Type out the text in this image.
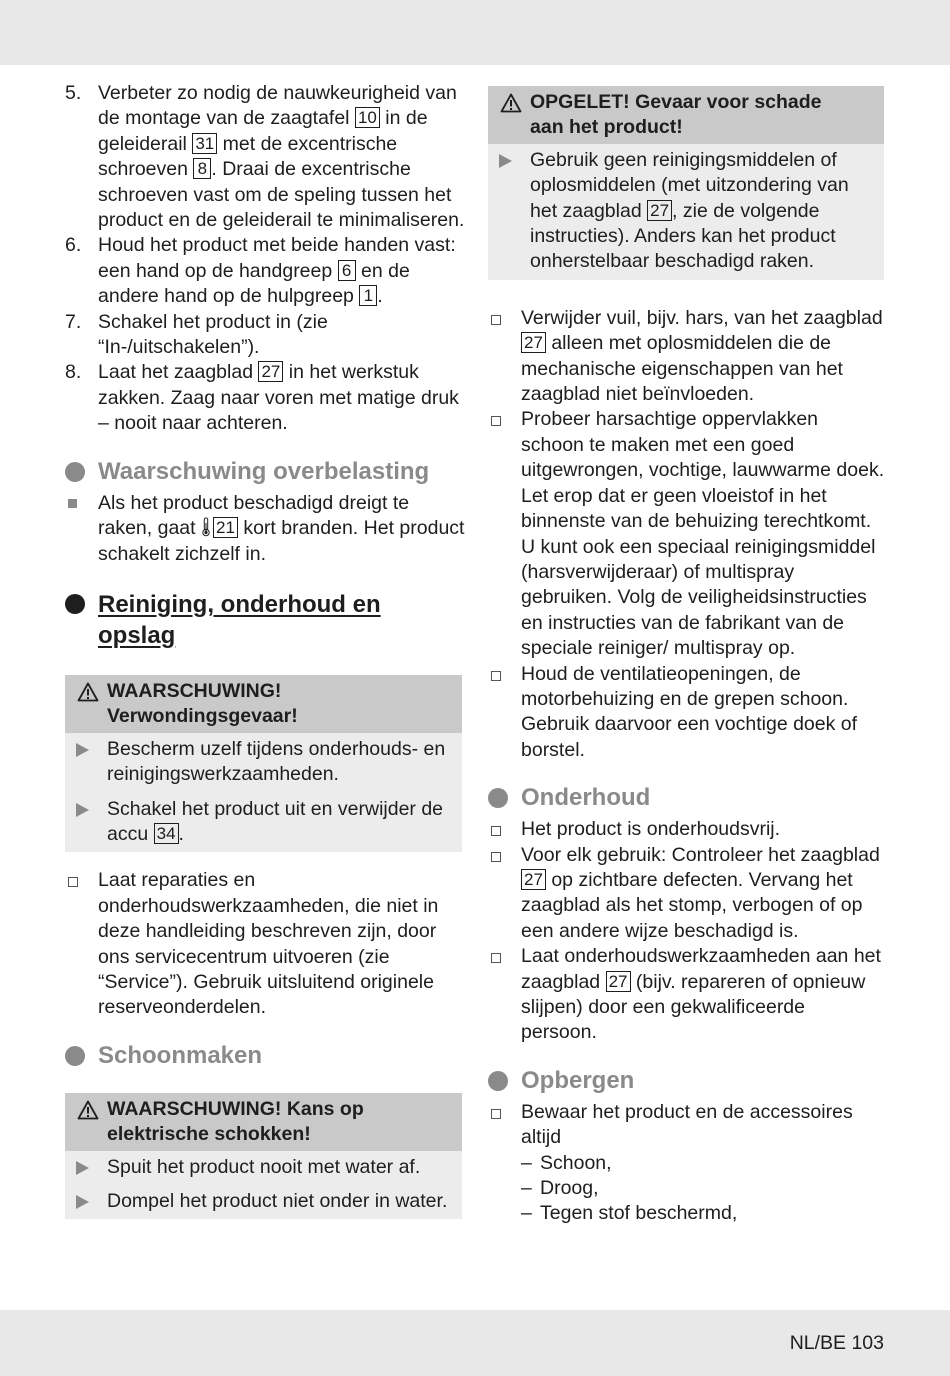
5. Verbeter zo nodig de nauwkeurigheid van de montage van de zaagtafel 10 in de geleiderail 31 met de excentrische schroeven 8 . Draai de excentrische schroeven vast om de speling tussen het product en de geleiderail te minimaliseren.
6. Houd het product met beide handen vast: een hand op de handgreep 6 en de andere hand op de hulpgreep 1 .
7. Schakel het product in (zie “In-/uitschakelen”).
8. Laat het zaagblad 27 in het werkstuk zakken. Zaag naar voren met matige druk – nooit naar achteren.
Waarschuwing overbelasting
Als het product beschadigd dreigt te raken, gaat 21 kort branden. Het product schakelt zichzelf in.
Reiniging, onderhoud en
opslag
WAARSCHUWING!
Verwondingsgevaar!
Bescherm uzelf tijdens onderhouds- en reinigingswerkzaamheden.
Schakel het product uit en verwijder de accu 34 .
Laat reparaties en onderhoudswerkzaamheden, die niet in deze handleiding beschreven zijn, door ons servicecentrum uitvoeren (zie “Service”). Gebruik uitsluitend originele reserveonderdelen.
Schoonmaken
WAARSCHUWING! Kans op
elektrische schokken!
Spuit het product nooit met water af.
Dompel het product niet onder in water.
OPGELET! Gevaar voor schade
aan het product!
Gebruik geen reinigingsmiddelen of oplosmiddelen (met uitzondering van het zaagblad 27 , zie de volgende instructies). Anders kan het product onherstelbaar beschadigd raken.
Verwijder vuil, bijv. hars, van het zaagblad 27 alleen met oplosmiddelen die de mechanische eigenschappen van het zaagblad niet beïnvloeden.
Probeer harsachtige oppervlakken schoon te maken met een goed uitgewrongen, vochtige, lauwwarme doek. Let erop dat er geen vloeistof in het binnenste van de behuizing terechtkomt. U kunt ook een speciaal reinigingsmiddel (harsverwijderaar) of multispray gebruiken. Volg de veiligheidsinstructies en instructies van de fabrikant van de speciale reiniger/ multispray op.
Houd de ventilatieopeningen, de motorbehuizing en de grepen schoon. Gebruik daarvoor een vochtige doek of borstel.
Onderhoud
Het product is onderhoudsvrij.
Voor elk gebruik: Controleer het zaagblad 27 op zichtbare defecten. Vervang het zaagblad als het stomp, verbogen of op een andere wijze beschadigd is.
Laat onderhoudswerkzaamheden aan het zaagblad 27 (bijv. repareren of opnieuw slijpen) door een gekwalificeerde persoon.
Opbergen
Bewaar het product en de accessoires altijd
– Schoon,
– Droog,
– Tegen stof beschermd,
NL/BE 103
